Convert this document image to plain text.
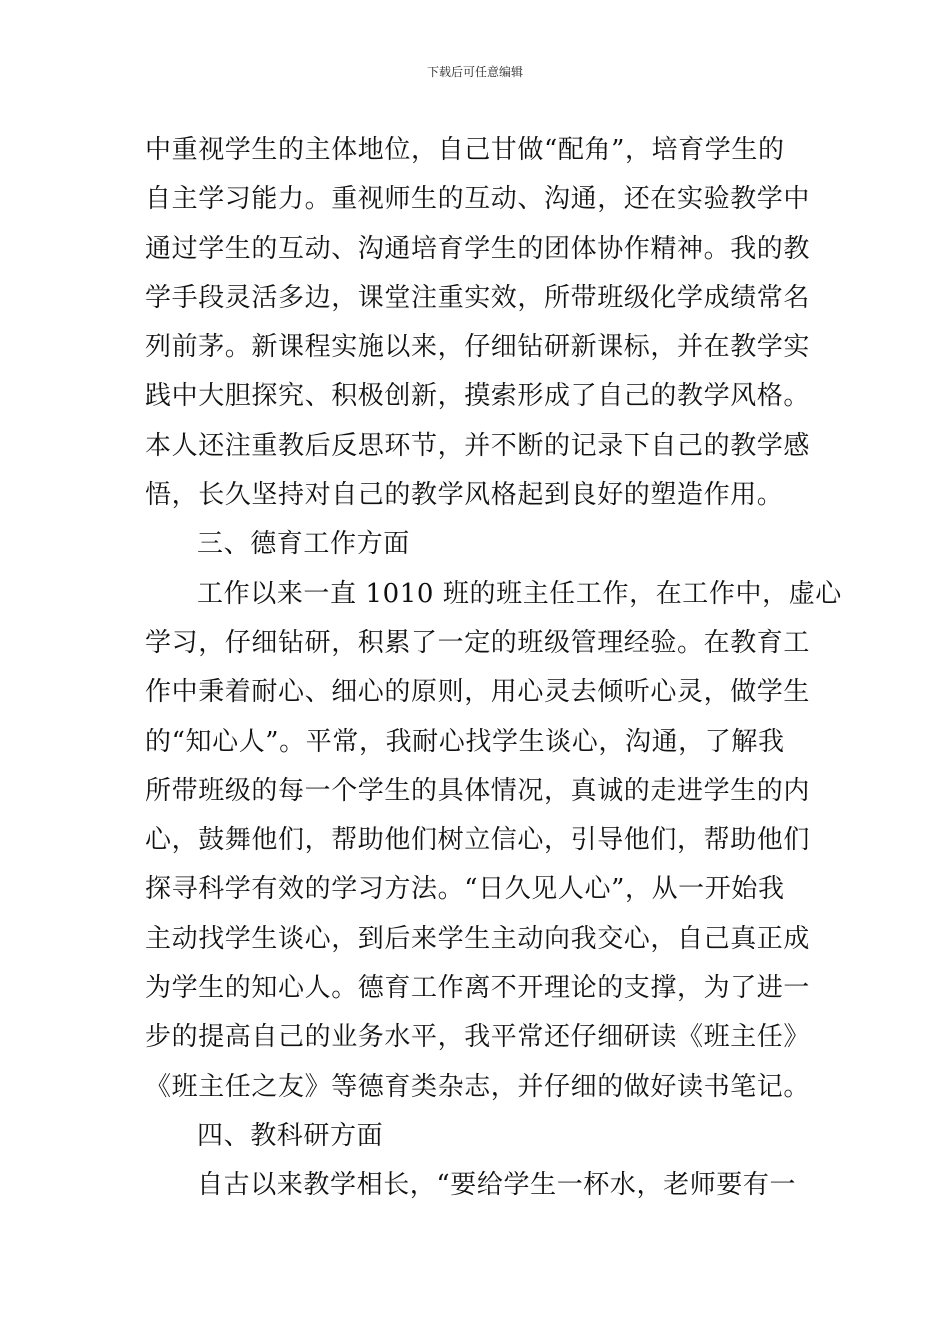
下载后可任意编辑
中重视学生的主体地位，自己甘做“配角”，培育学生的
自主学习能力。重视师生的互动、沟通，还在实验教学中
通过学生的互动、沟通培育学生的团体协作精神。我的教
学手段灵活多边，课堂注重实效，所带班级化学成绩常名
列前茅。新课程实施以来，仔细钻研新课标，并在教学实
践中大胆探究、积极创新，摸索形成了自己的教学风格。
本人还注重教后反思环节，并不断的记录下自己的教学感
悟，长久坚持对自己的教学风格起到良好的塑造作用。
三、德育工作方面
工作以来一直 1010 班的班主任工作，在工作中，虚心
学习，仔细钻研，积累了一定的班级管理经验。在教育工
作中秉着耐心、细心的原则，用心灵去倾听心灵，做学生
的“知心人”。平常，我耐心找学生谈心，沟通，了解我
所带班级的每一个学生的具体情况，真诚的走进学生的内
心，鼓舞他们，帮助他们树立信心，引导他们，帮助他们
探寻科学有效的学习方法。“日久见人心”，从一开始我
主动找学生谈心，到后来学生主动向我交心，自己真正成
为学生的知心人。德育工作离不开理论的支撑，为了进一
步的提高自己的业务水平，我平常还仔细研读《班主任》
《班主任之友》等德育类杂志，并仔细的做好读书笔记。
四、教科研方面
自古以来教学相长，“要给学生一杯水，老师要有一
